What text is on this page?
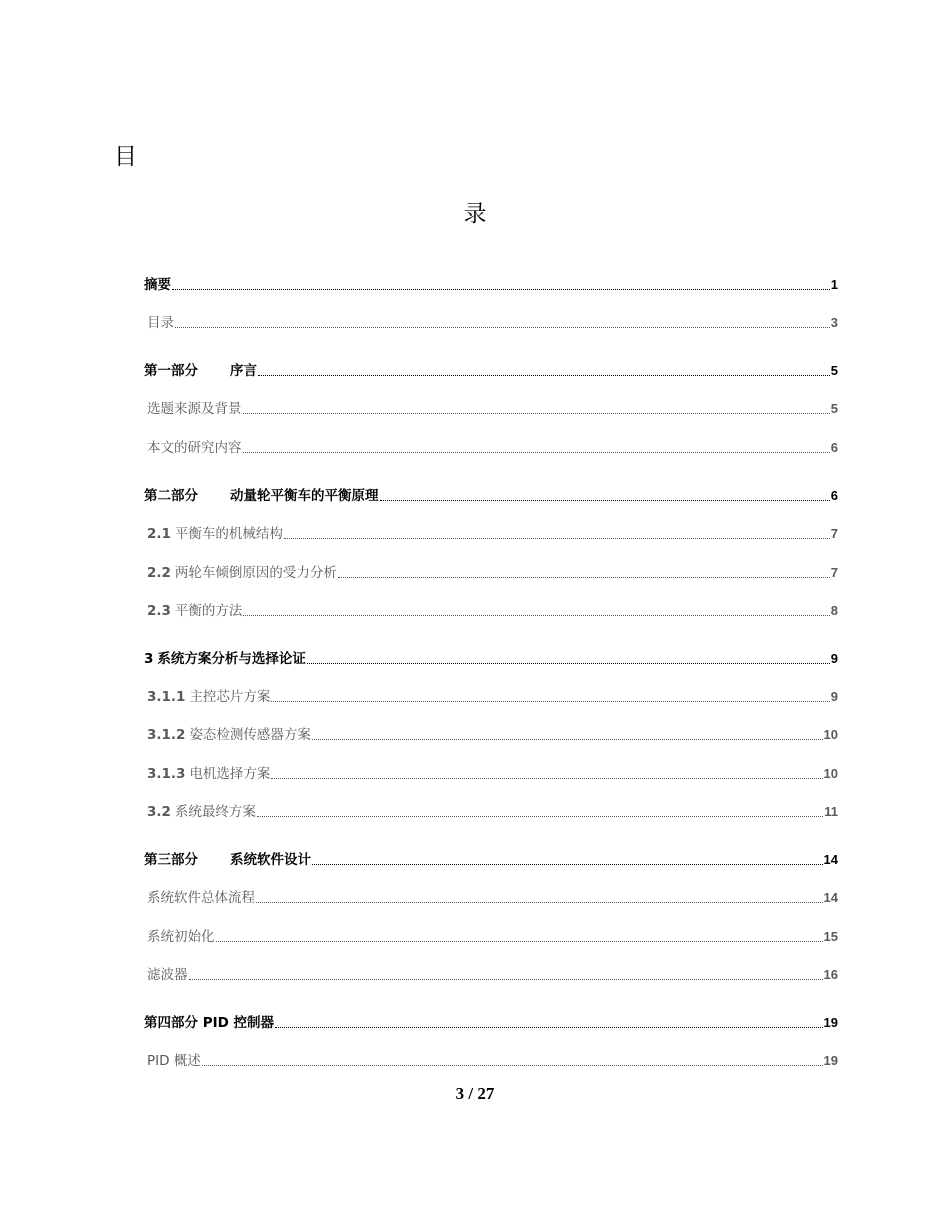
目
录
摘要	1
目录	3
第一部分 序言	5
选题来源及背景	5
本文的研究内容	6
第二部分 动量轮平衡车的平衡原理	6
2.1 平衡车的机械结构	7
2.2 两轮车倾倒原因的受力分析	7
2.3 平衡的方法	8
3 系统方案分析与选择论证	9
3.1.1 主控芯片方案	9
3.1.2 姿态检测传感器方案	10
3.1.3 电机选择方案	10
3.2 系统最终方案	11
第三部分 系统软件设计	14
系统软件总体流程	14
系统初始化	15
滤波器	16
第四部分 PID 控制器	19
PID 概述	19
3 / 27
